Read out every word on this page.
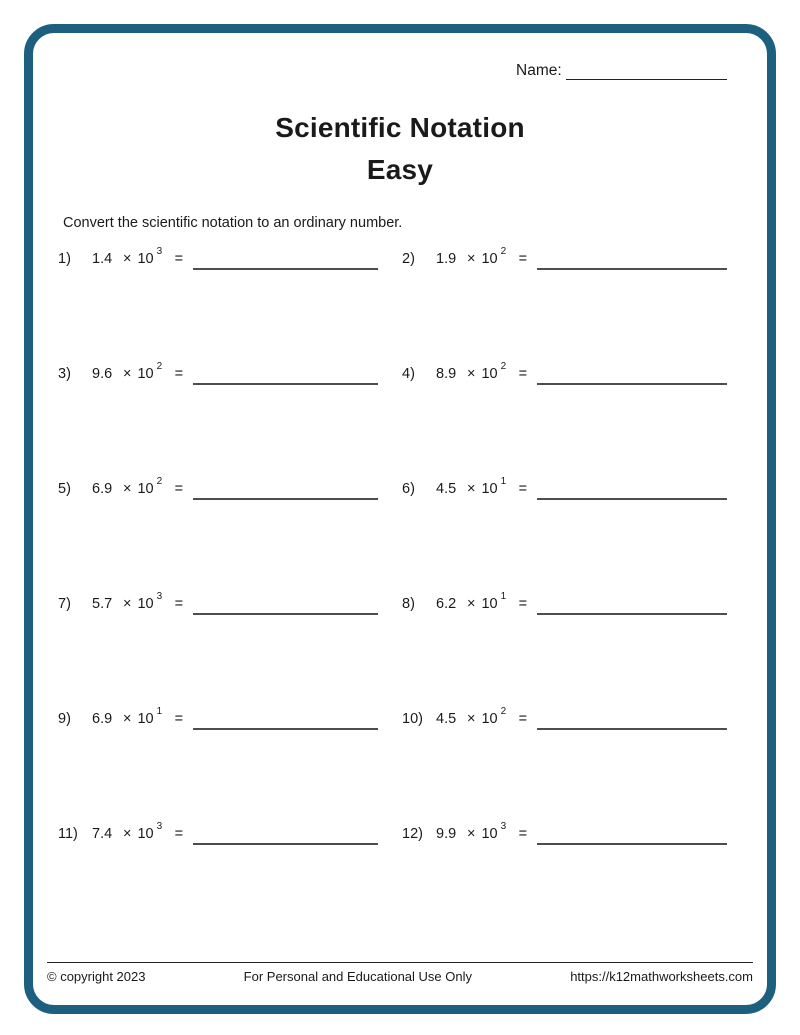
Name:
Scientific Notation
Easy
Convert the scientific notation to an ordinary number.
1)	1.4 × 10 3 =	2)	1.9 × 10 2 =
3)	9.6 × 10 2 =	4)	8.9 × 10 2 =
5)	6.9 × 10 2 =	6)	4.5 × 10 1 =
7)	5.7 × 10 3 =	8)	6.2 × 10 1 =
9)	6.9 × 10 1 =	10) 4.5 × 10 2 =
11) 7.4 × 10 3 =	12) 9.9 × 10 3 =
© copyright 2023	For Personal and Educational Use Only	https://k12mathworksheets.com
